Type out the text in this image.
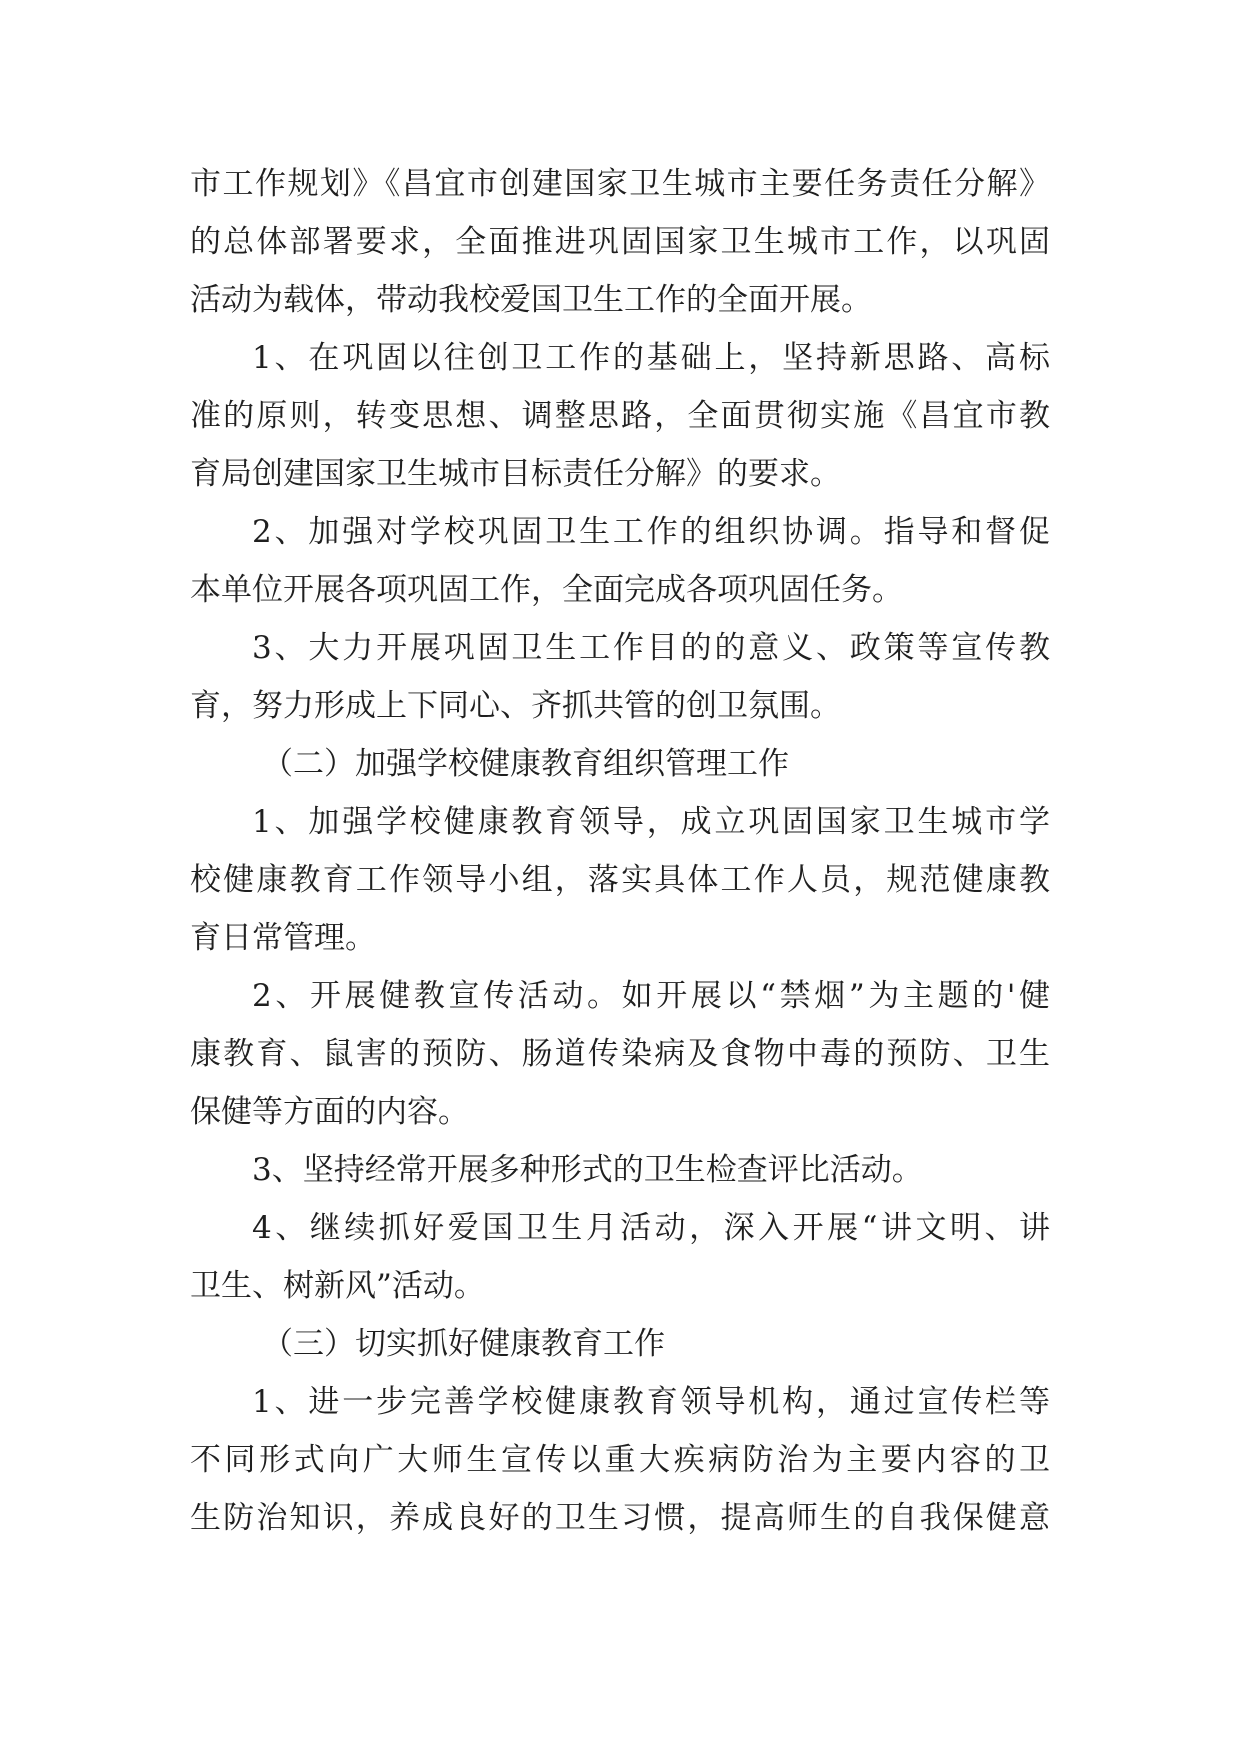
市工作规划》《昌宜市创建国家卫生城市主要任务责任分解》
的总体部署要求，全面推进巩固国家卫生城市工作，以巩固
活动为载体，带动我校爱国卫生工作的全面开展。
1、在巩固以往创卫工作的基础上，坚持新思路、高标
准的原则，转变思想、调整思路，全面贯彻实施《昌宜市教
育局创建国家卫生城市目标责任分解》的要求。
2、加强对学校巩固卫生工作的组织协调。指导和督促
本单位开展各项巩固工作，全面完成各项巩固任务。
3、大力开展巩固卫生工作目的的意义、政策等宣传教
育，努力形成上下同心、齐抓共管的创卫氛围。
（二）加强学校健康教育组织管理工作
1、加强学校健康教育领导，成立巩固国家卫生城市学
校健康教育工作领导小组，落实具体工作人员，规范健康教
育日常管理。
2、开展健教宣传活动。如开展以“禁烟”为主题的'健
康教育、鼠害的预防、肠道传染病及食物中毒的预防、卫生
保健等方面的内容。
3、坚持经常开展多种形式的卫生检查评比活动。
4、继续抓好爱国卫生月活动，深入开展“讲文明、讲
卫生、树新风”活动。
（三）切实抓好健康教育工作
1、进一步完善学校健康教育领导机构，通过宣传栏等
不同形式向广大师生宣传以重大疾病防治为主要内容的卫
生防治知识，养成良好的卫生习惯，提高师生的自我保健意
